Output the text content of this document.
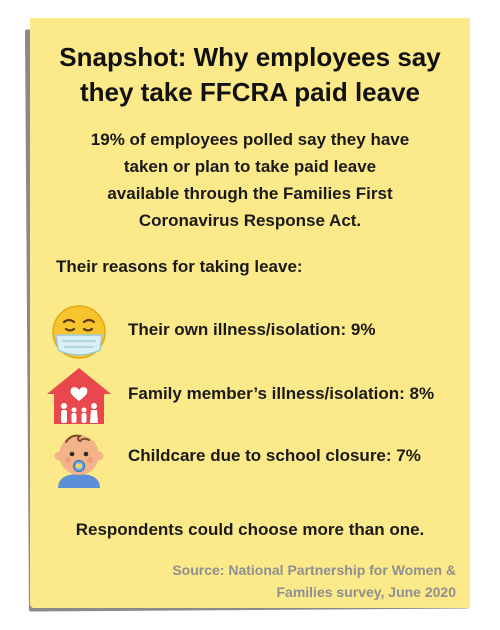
Snapshot: Why employees say
they take FFCRA paid leave
19% of employees polled say they have
taken or plan to take paid leave
available through the Families First
Coronavirus Response Act.
Their reasons for taking leave:
Their own illness/isolation: 9%
Family member’s illness/isolation: 8%
Childcare due to school closure: 7%
Respondents could choose more than one.
Source: National Partnership for Women &
Families survey, June 2020
